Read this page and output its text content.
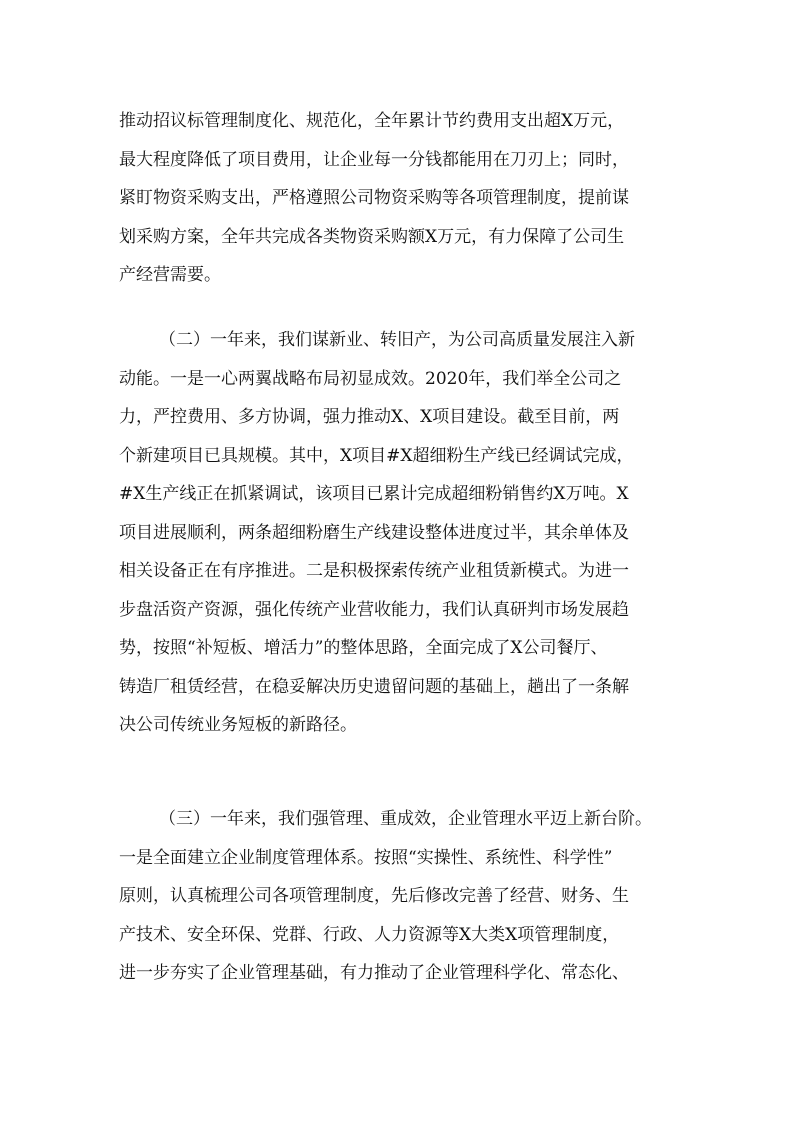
推动招议标管理制度化、规范化，全年累计节约费用支出超X万元，
最大程度降低了项目费用，让企业每一分钱都能用在刀刃上；同时，
紧盯物资采购支出，严格遵照公司物资采购等各项管理制度，提前谋
划采购方案，全年共完成各类物资采购额X万元，有力保障了公司生
产经营需要。
（二）一年来，我们谋新业、转旧产，为公司高质量发展注入新
动能。一是一心两翼战略布局初显成效。2020年，我们举全公司之
力，严控费用、多方协调，强力推动X、X项目建设。截至目前，两
个新建项目已具规模。其中，X项目#X超细粉生产线已经调试完成，
#X生产线正在抓紧调试，该项目已累计完成超细粉销售约X万吨。X
项目进展顺利，两条超细粉磨生产线建设整体进度过半，其余单体及
相关设备正在有序推进。二是积极探索传统产业租赁新模式。为进一
步盘活资产资源，强化传统产业营收能力，我们认真研判市场发展趋
势，按照“补短板、增活力”的整体思路，全面完成了X公司餐厅、
铸造厂租赁经营，在稳妥解决历史遗留问题的基础上，趟出了一条解
决公司传统业务短板的新路径。
（三）一年来，我们强管理、重成效，企业管理水平迈上新台阶。
一是全面建立企业制度管理体系。按照“实操性、系统性、科学性”
原则，认真梳理公司各项管理制度，先后修改完善了经营、财务、生
产技术、安全环保、党群、行政、人力资源等X大类X项管理制度，
进一步夯实了企业管理基础，有力推动了企业管理科学化、常态化、
